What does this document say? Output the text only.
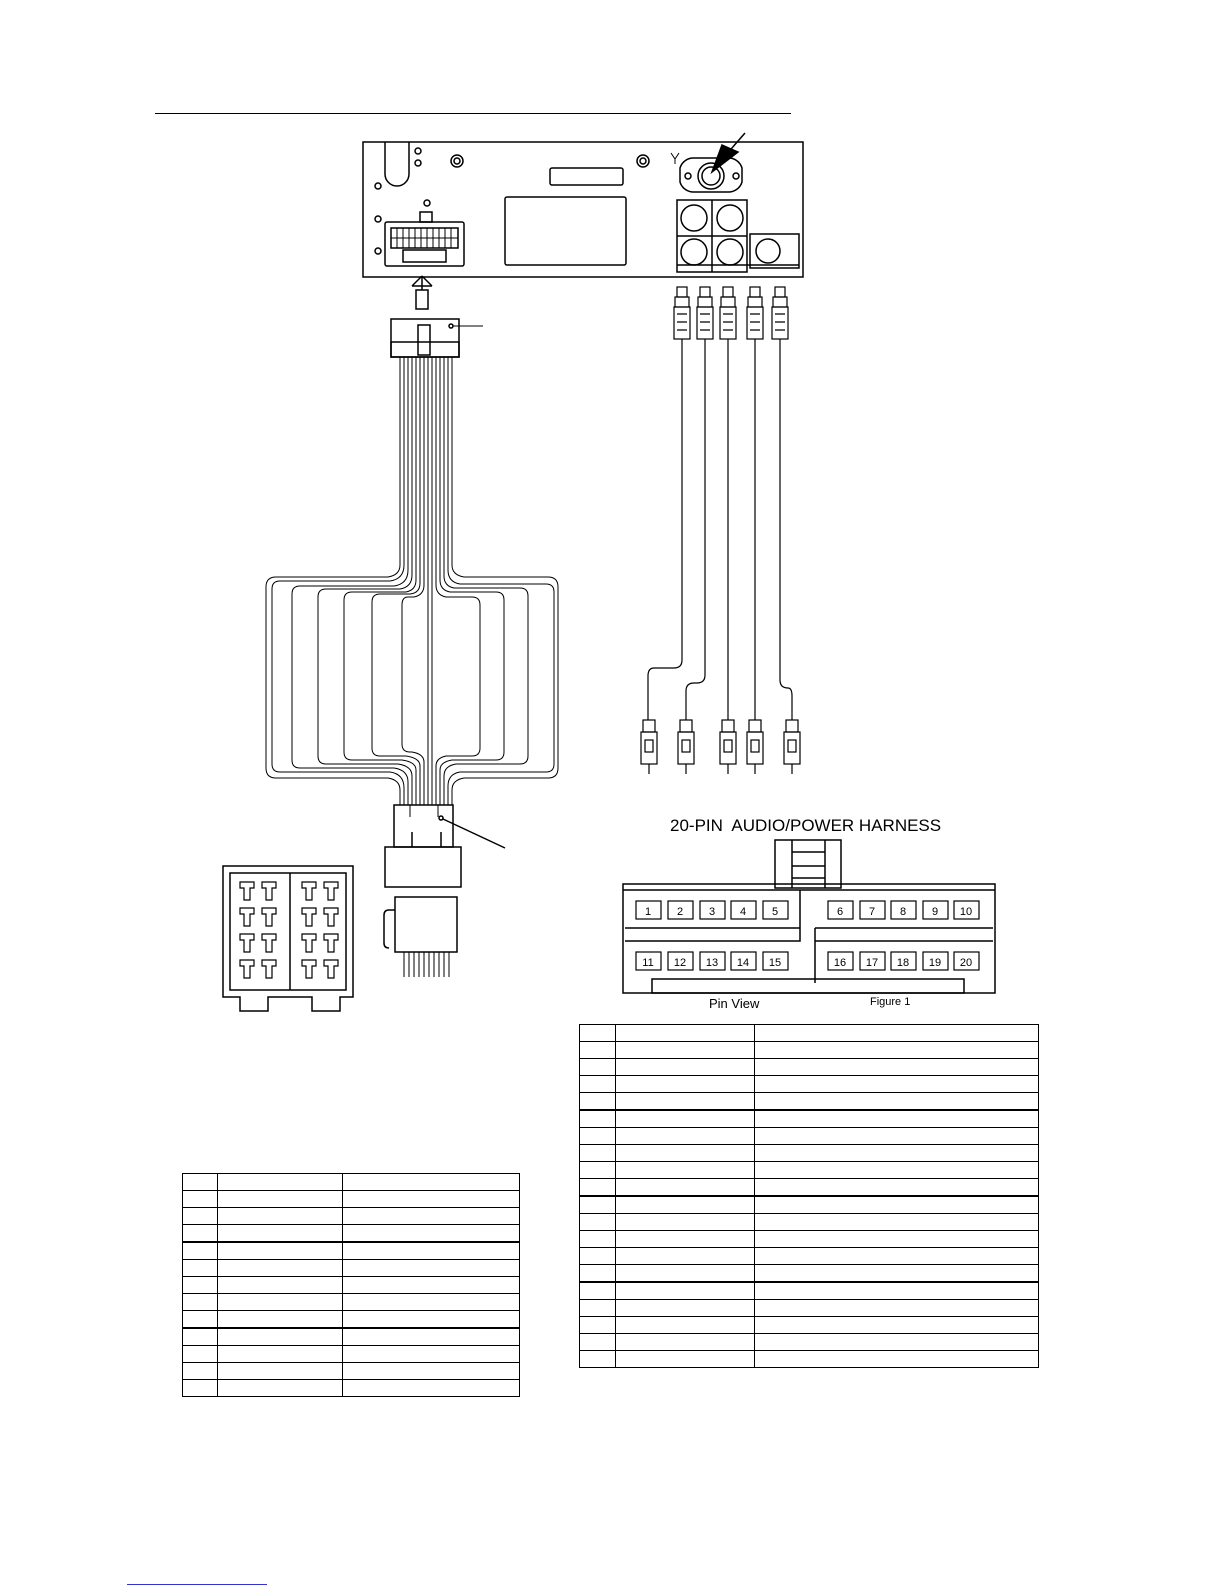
1 2 3 4 5	6 7 8 9 10
11 12 13 14 15	16 17 18 19 20
20-PIN  AUDIO/POWER HARNESS
Pin View	Figure 1
